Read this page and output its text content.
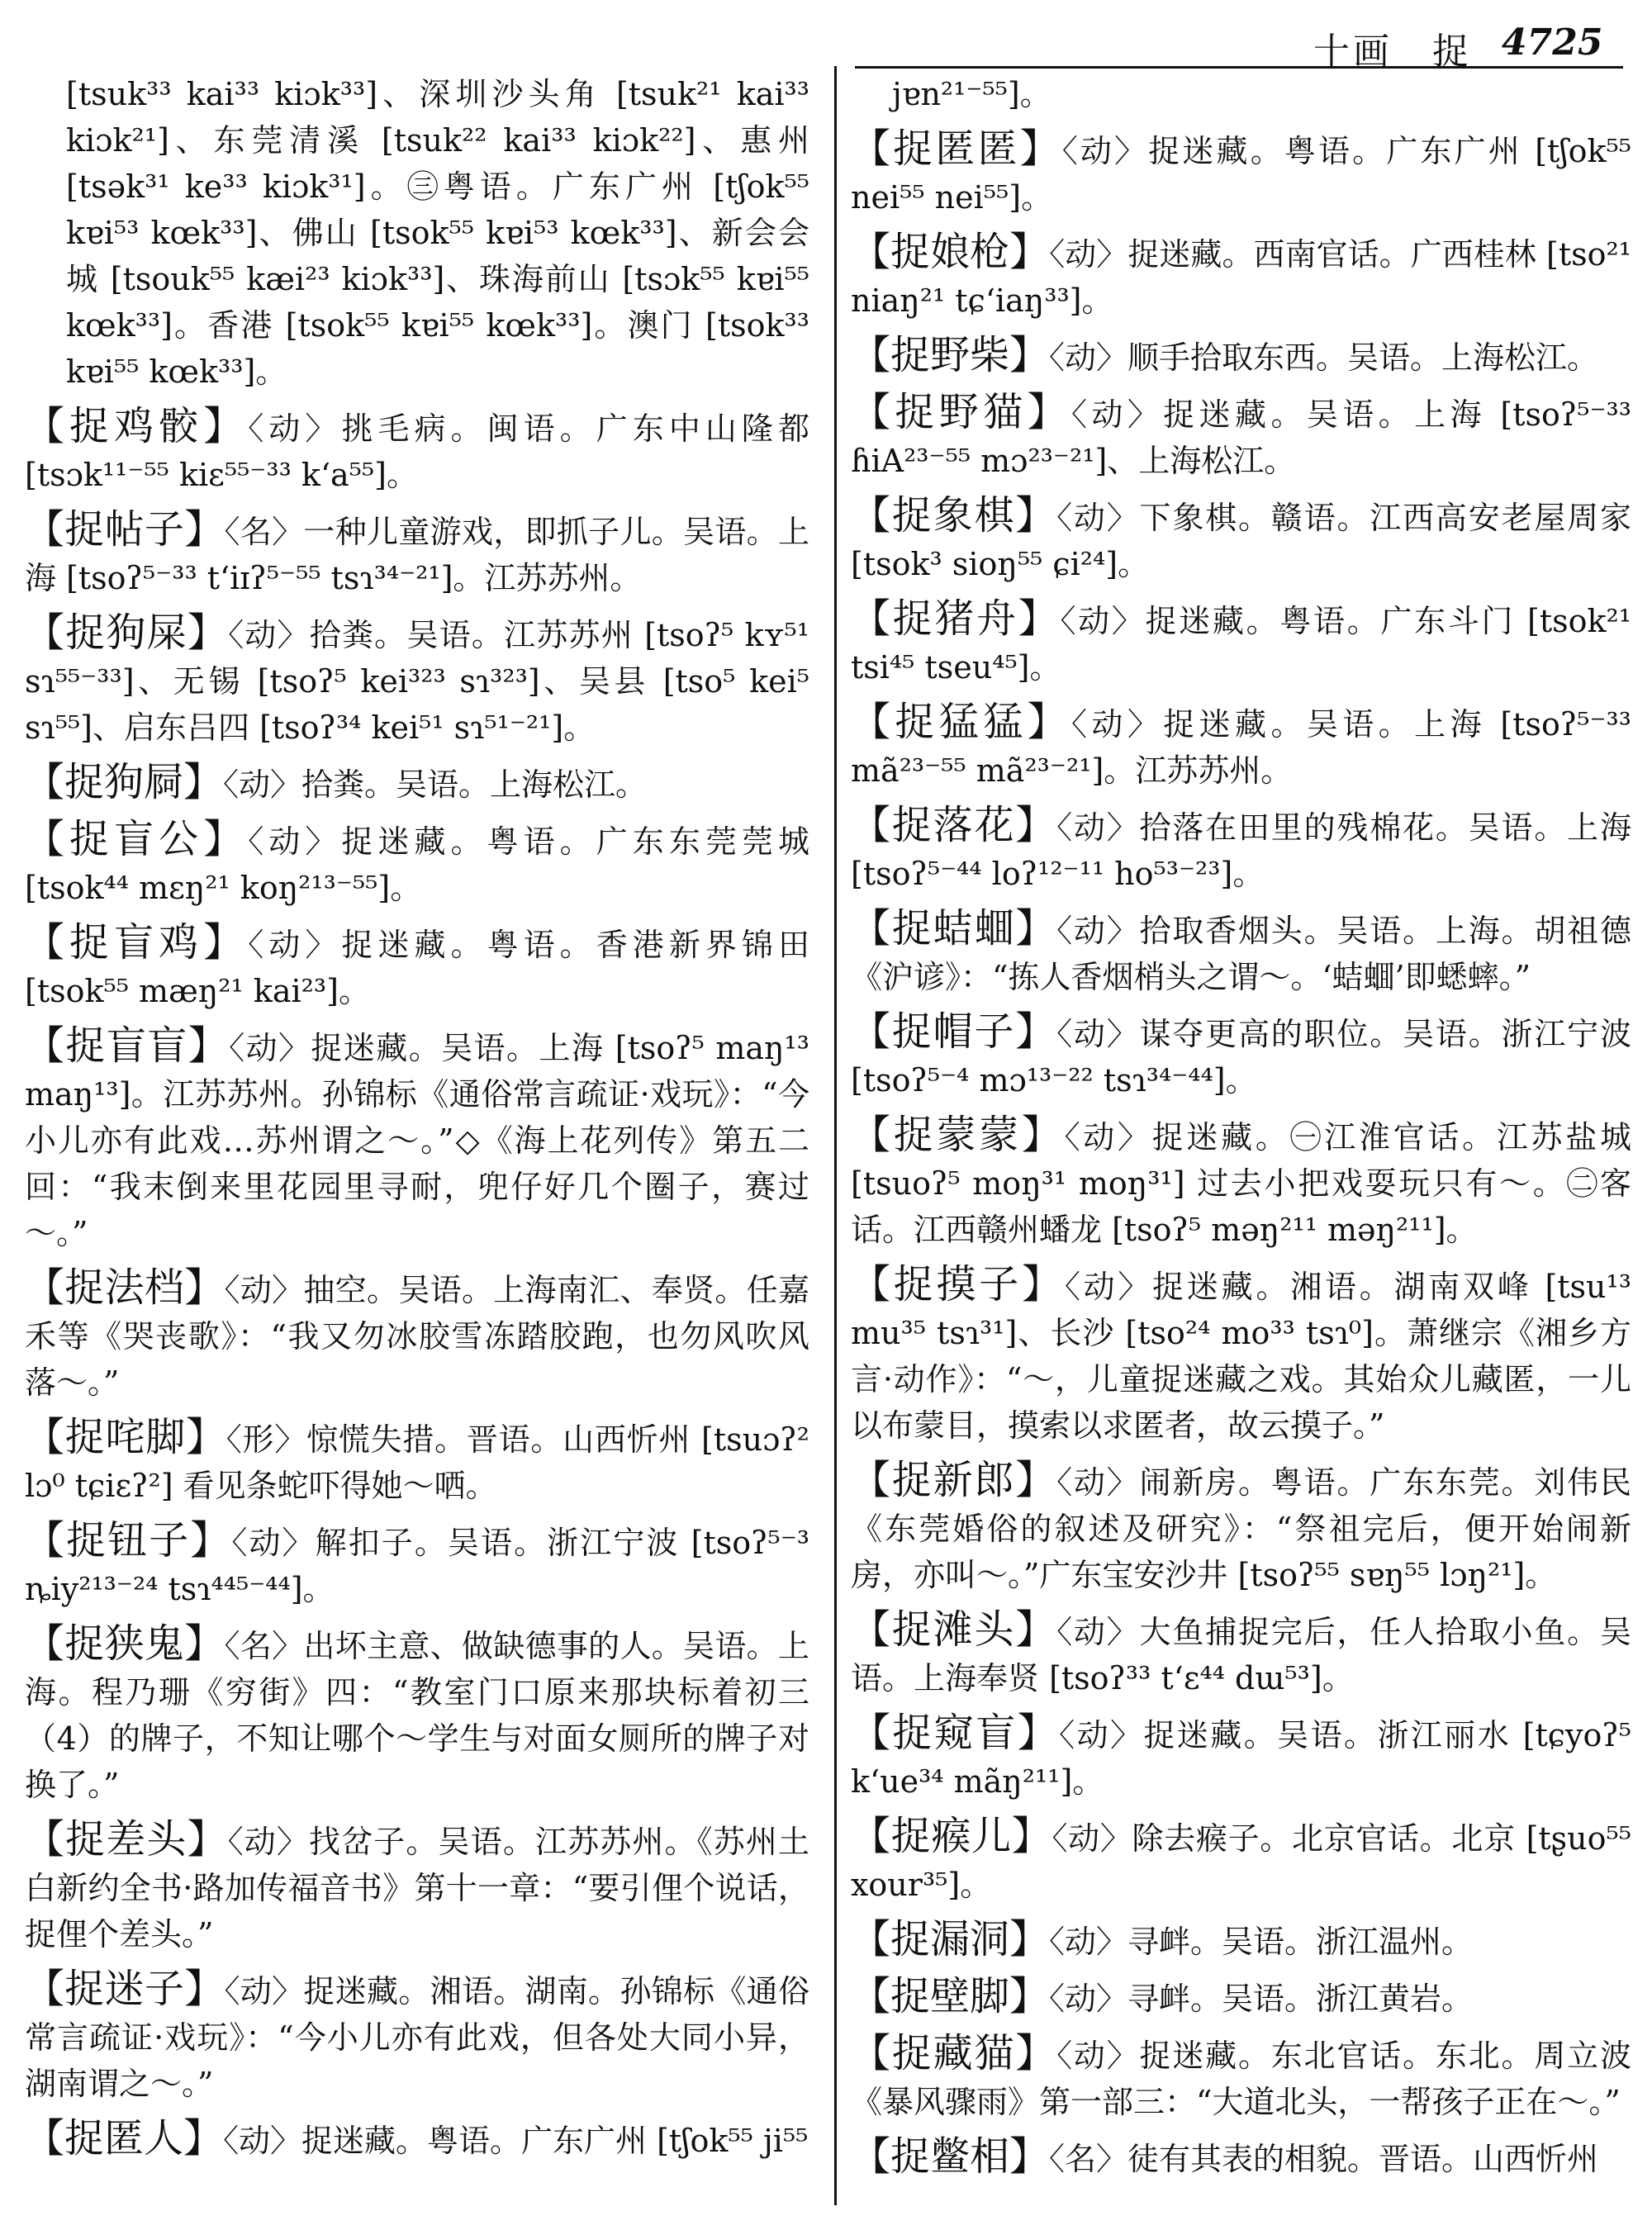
十画　捉 4725

[tsuk³³ kai³³ kiɔk³³]、深圳沙头角 [tsuk²¹ kai³³ kiɔk²¹]、东莞清溪 [tsuk²² kai³³ kiɔk²²]、惠州 [tsək³¹ ke³³ kiɔk³¹]。㊂粤语。广东广州 [tʃok⁵⁵ kɐi⁵³ kœk³³]、佛山 [tsok⁵⁵ kɐi⁵³ kœk³³]、新会会城 [tsouk⁵⁵ kæi²³ kiɔk³³]、珠海前山 [tsɔk⁵⁵ kɐi⁵⁵ kœk³³]。香港 [tsok⁵⁵ kɐi⁵⁵ kœk³³]。澳门 [tsok³³ kɐi⁵⁵ kœk³³]。

【捉鸡骹】〈动〉挑毛病。闽语。广东中山隆都 [tsɔk¹¹⁻⁵⁵ kiɛ⁵⁵⁻³³ k‘a⁵⁵]。

【捉帖子】〈名〉一种儿童游戏，即抓子儿。吴语。上海 [tsoʔ⁵⁻³³ t‘iɪʔ⁵⁻⁵⁵ tsɿ³⁴⁻²¹]。江苏苏州。

【捉狗屎】〈动〉拾粪。吴语。江苏苏州 [tsoʔ⁵ kʏ⁵¹ sɿ⁵⁵⁻³³]、无锡 [tsoʔ⁵ kei³²³ sɿ³²³]、吴县 [tso⁵ kei⁵ sɿ⁵⁵]、启东吕四 [tsoʔ³⁴ kei⁵¹ sɿ⁵¹⁻²¹]。

【捉狗屙】〈动〉拾粪。吴语。上海松江。

【捉盲公】〈动〉捉迷藏。粤语。广东东莞莞城 [tsok⁴⁴ mɛŋ²¹ koŋ²¹³⁻⁵⁵]。

【捉盲鸡】〈动〉捉迷藏。粤语。香港新界锦田 [tsok⁵⁵ mæŋ²¹ kai²³]。

【捉盲盲】〈动〉捉迷藏。吴语。上海 [tsoʔ⁵ maŋ¹³ maŋ¹³]。江苏苏州。孙锦标《通俗常言疏证·戏玩》：“今小儿亦有此戏…苏州谓之～。”◇《海上花列传》第五二回：“我末倒来里花园里寻耐，兜仔好几个圈子，赛过～。”

【捉法档】〈动〉抽空。吴语。上海南汇、奉贤。任嘉禾等《哭丧歌》：“我又勿冰胶雪冻踏胶跑，也勿风吹风落～。”

【捉咤脚】〈形〉惊慌失措。晋语。山西忻州 [tsuɔʔ² lɔ⁰ tɕiɛʔ²] 看见条蛇吓得她～哂。

【捉钮子】〈动〉解扣子。吴语。浙江宁波 [tsoʔ⁵⁻³ ȵiy²¹³⁻²⁴ tsɿ⁴⁴⁵⁻⁴⁴]。

【捉狭鬼】〈名〉出坏主意、做缺德事的人。吴语。上海。程乃珊《穷街》四：“教室门口原来那块标着初三（4）的牌子，不知让哪个～学生与对面女厕所的牌子对换了。”

【捉差头】〈动〉找岔子。吴语。江苏苏州。《苏州土白新约全书·路加传福音书》第十一章：“要引俚个说话，捉俚个差头。”

【捉迷子】〈动〉捉迷藏。湘语。湖南。孙锦标《通俗常言疏证·戏玩》：“今小儿亦有此戏，但各处大同小异，湖南谓之～。”

【捉匿人】〈动〉捉迷藏。粤语。广东广州 [tʃok⁵⁵ ji⁵⁵

jɐn²¹⁻⁵⁵]。

【捉匿匿】〈动〉捉迷藏。粤语。广东广州 [tʃok⁵⁵ nei⁵⁵ nei⁵⁵]。

【捉娘枪】〈动〉捉迷藏。西南官话。广西桂林 [tso²¹ niaŋ²¹ tɕ‘iaŋ³³]。

【捉野柴】〈动〉顺手拾取东西。吴语。上海松江。

【捉野猫】〈动〉捉迷藏。吴语。上海 [tsoʔ⁵⁻³³ ɦiA²³⁻⁵⁵ mɔ²³⁻²¹]、上海松江。

【捉象棋】〈动〉下象棋。赣语。江西高安老屋周家 [tsok³ sioŋ⁵⁵ ɕi²⁴]。

【捉猪舟】〈动〉捉迷藏。粤语。广东斗门 [tsok²¹ tsi⁴⁵ tseu⁴⁵]。

【捉猛猛】〈动〉捉迷藏。吴语。上海 [tsoʔ⁵⁻³³ mã²³⁻⁵⁵ mã²³⁻²¹]。江苏苏州。

【捉落花】〈动〉拾落在田里的残棉花。吴语。上海 [tsoʔ⁵⁻⁴⁴ loʔ¹²⁻¹¹ ho⁵³⁻²³]。

【捉蛣蜖】〈动〉拾取香烟头。吴语。上海。胡祖德《沪谚》：“拣人香烟梢头之谓～。‘蛣蜖’即蟋蟀。”

【捉帽子】〈动〉谋夺更高的职位。吴语。浙江宁波 [tsoʔ⁵⁻⁴ mɔ¹³⁻²² tsɿ³⁴⁻⁴⁴]。

【捉蒙蒙】〈动〉捉迷藏。㊀江淮官话。江苏盐城 [tsuoʔ⁵ moŋ³¹ moŋ³¹] 过去小把戏耍玩只有～。㊁客话。江西赣州蟠龙 [tsoʔ⁵ məŋ²¹¹ məŋ²¹¹]。

【捉摸子】〈动〉捉迷藏。湘语。湖南双峰 [tsu¹³ mu³⁵ tsɿ³¹]、长沙 [tso²⁴ mo³³ tsɿ⁰]。萧继宗《湘乡方言·动作》：“～，儿童捉迷藏之戏。其始众儿藏匿，一儿以布蒙目，摸索以求匿者，故云摸子。”

【捉新郎】〈动〉闹新房。粤语。广东东莞。刘伟民《东莞婚俗的叙述及研究》：“祭祖完后，便开始闹新房，亦叫～。”广东宝安沙井 [tsoʔ⁵⁵ sɐŋ⁵⁵ lɔŋ²¹]。

【捉滩头】〈动〉大鱼捕捉完后，任人拾取小鱼。吴语。上海奉贤 [tsoʔ³³ t‘ɛ⁴⁴ dɯ⁵³]。

【捉窥盲】〈动〉捉迷藏。吴语。浙江丽水 [tɕyoʔ⁵ k‘ue³⁴ mãŋ²¹¹]。

【捉瘊儿】〈动〉除去瘊子。北京官话。北京 [tʂuo⁵⁵ xour³⁵]。

【捉漏洞】〈动〉寻衅。吴语。浙江温州。

【捉壁脚】〈动〉寻衅。吴语。浙江黄岩。

【捉藏猫】〈动〉捉迷藏。东北官话。东北。周立波《暴风骤雨》第一部三：“大道北头，一帮孩子正在～。”

【捉鳖相】〈名〉徒有其表的相貌。晋语。山西忻州
